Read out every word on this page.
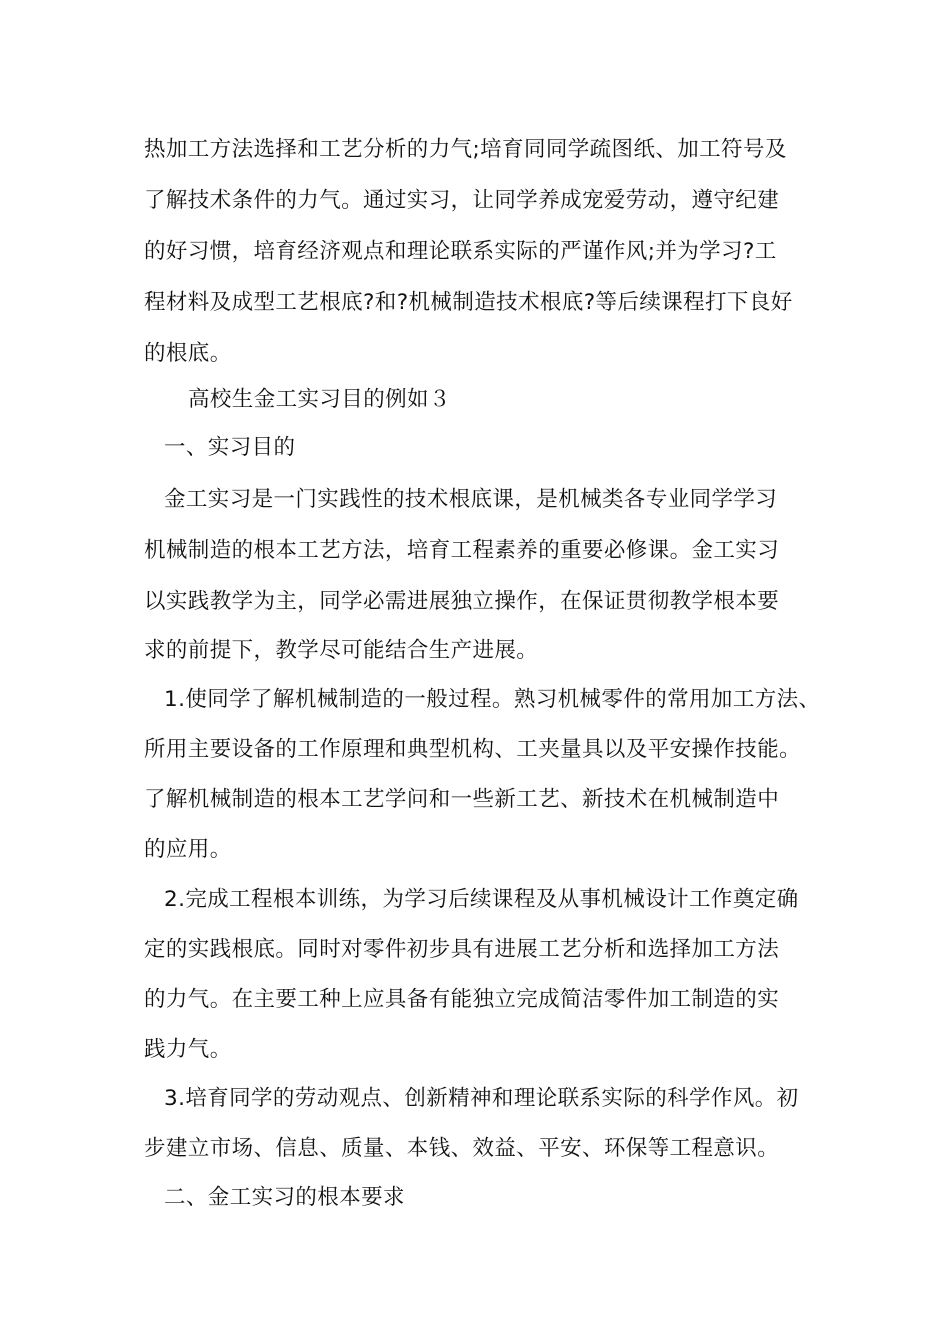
热加工方法选择和工艺分析的力气;培育同同学疏图纸、加工符号及
了解技术条件的力气。通过实习，让同学养成宠爱劳动，遵守纪建
的好习惯，培育经济观点和理论联系实际的严谨作风;并为学习?工
程材料及成型工艺根底?和?机械制造技术根底?等后续课程打下良好
的根底。
高校生金工实习目的例如３
一、实习目的
金工实习是一门实践性的技术根底课，是机械类各专业同学学习
机械制造的根本工艺方法，培育工程素养的重要必修课。金工实习
以实践教学为主，同学必需进展独立操作，在保证贯彻教学根本要
求的前提下，教学尽可能结合生产进展。
1.使同学了解机械制造的一般过程。熟习机械零件的常用加工方法、
所用主要设备的工作原理和典型机构、工夹量具以及平安操作技能。
了解机械制造的根本工艺学问和一些新工艺、新技术在机械制造中
的应用。
2.完成工程根本训练，为学习后续课程及从事机械设计工作奠定确
定的实践根底。同时对零件初步具有进展工艺分析和选择加工方法
的力气。在主要工种上应具备有能独立完成简洁零件加工制造的实
践力气。
3.培育同学的劳动观点、创新精神和理论联系实际的科学作风。初
步建立市场、信息、质量、本钱、效益、平安、环保等工程意识。
二、金工实习的根本要求
